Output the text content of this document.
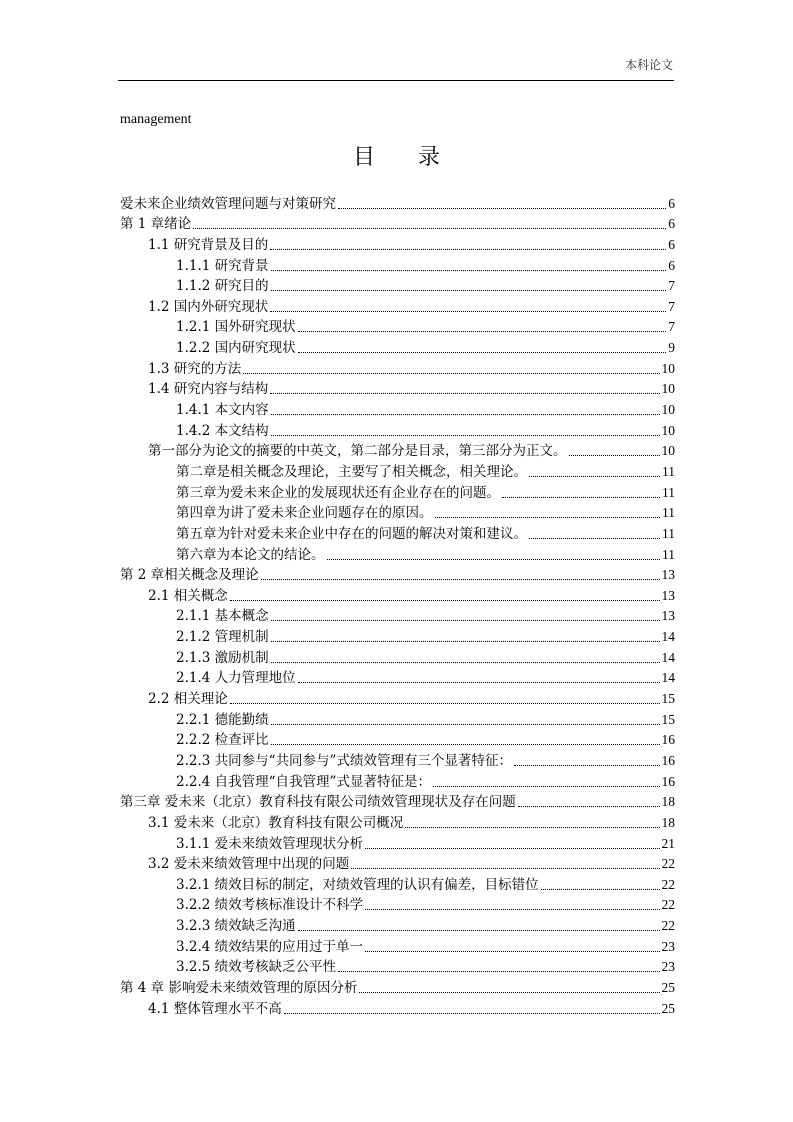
本科论文
management
目 录
爱未来企业绩效管理问题与对策研究	6
第 1 章绪论	6
1.1 研究背景及目的	6
1.1.1 研究背景	6
1.1.2 研究目的	7
1.2 国内外研究现状	7
1.2.1 国外研究现状	7
1.2.2 国内研究现状	9
1.3 研究的方法	10
1.4 研究内容与结构	10
1.4.1 本文内容	10
1.4.2 本文结构	10
第一部分为论文的摘要的中英文，第二部分是目录，第三部分为正文。	10
第二章是相关概念及理论，主要写了相关概念，相关理论。	11
第三章为爱未来企业的发展现状还有企业存在的问题。	11
第四章为讲了爱未来企业问题存在的原因。	11
第五章为针对爱未来企业中存在的问题的解决对策和建议。	11
第六章为本论文的结论。	11
第 2 章相关概念及理论	13
2.1 相关概念	13
2.1.1 基本概念	13
2.1.2 管理机制	14
2.1.3 激励机制	14
2.1.4 人力管理地位	14
2.2 相关理论	15
2.2.1 德能勤绩	15
2.2.2 检查评比	16
2.2.3 共同参与“共同参与”式绩效管理有三个显著特征：	16
2.2.4 自我管理“自我管理”式显著特征是：	16
第三章 爱未来（北京）教育科技有限公司绩效管理现状及存在问题	18
3.1 爱未来（北京）教育科技有限公司概况	18
3.1.1 爱未来绩效管理现状分析	21
3.2 爱未来绩效管理中出现的问题	22
3.2.1 绩效目标的制定，对绩效管理的认识有偏差，目标错位	22
3.2.2 绩效考核标准设计不科学	22
3.2.3 绩效缺乏沟通	22
3.2.4 绩效结果的应用过于单一	23
3.2.5 绩效考核缺乏公平性	23
第 4 章 影响爱未来绩效管理的原因分析	25
4.1 整体管理水平不高	25
